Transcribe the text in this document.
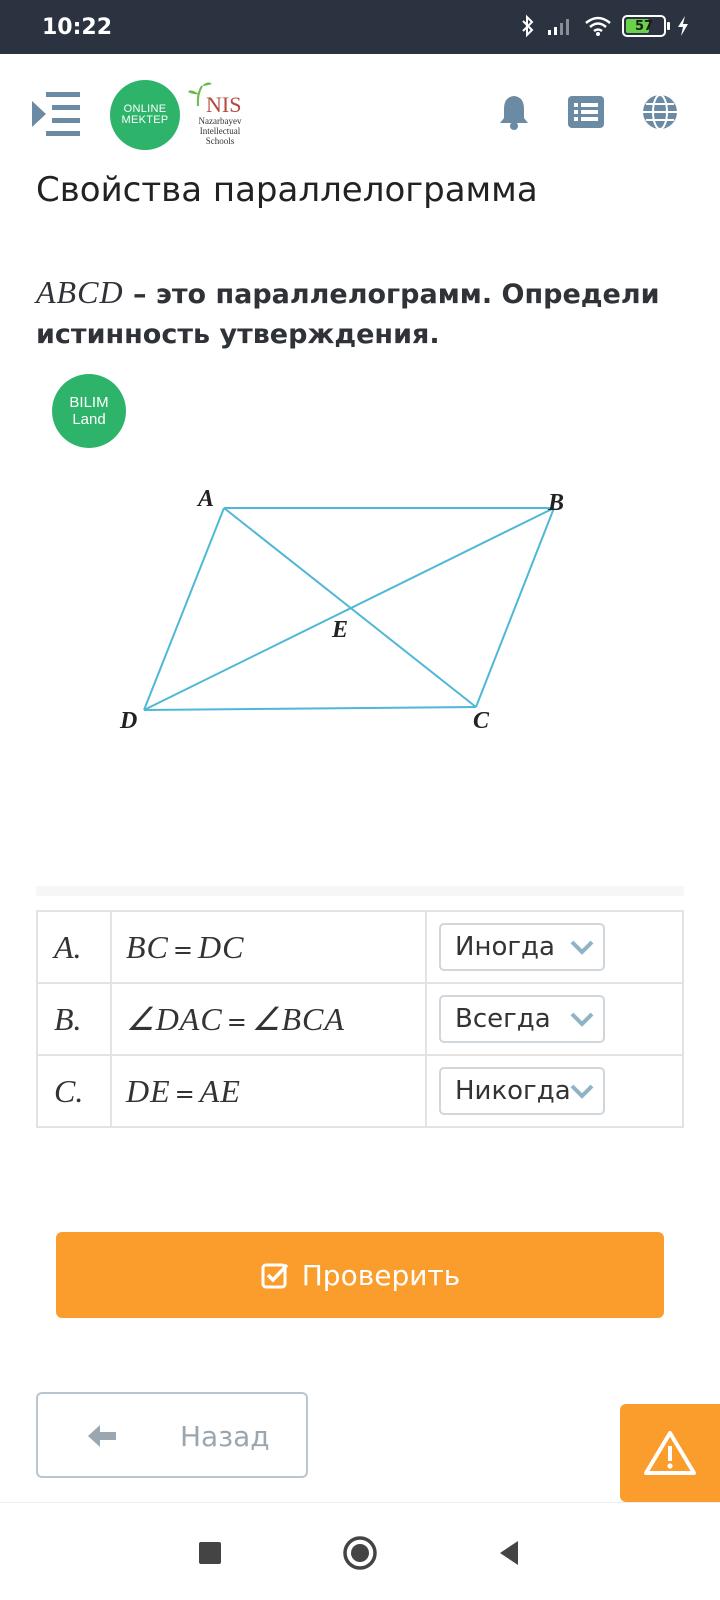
10:22	57
ONLINE
MEKTEP
NIS
Nazarbayev
Intellectual
Schools
Свойства параллелограмма
ABCD – это параллелограмм. Определи истинность утверждения.
BILIM
Land
A	B
C
D
E
A.	BC = DC	Иногда

B.	∠DAC = ∠BCA	Всегда

C.	DE = AE	Никогда
Проверить
Назад
